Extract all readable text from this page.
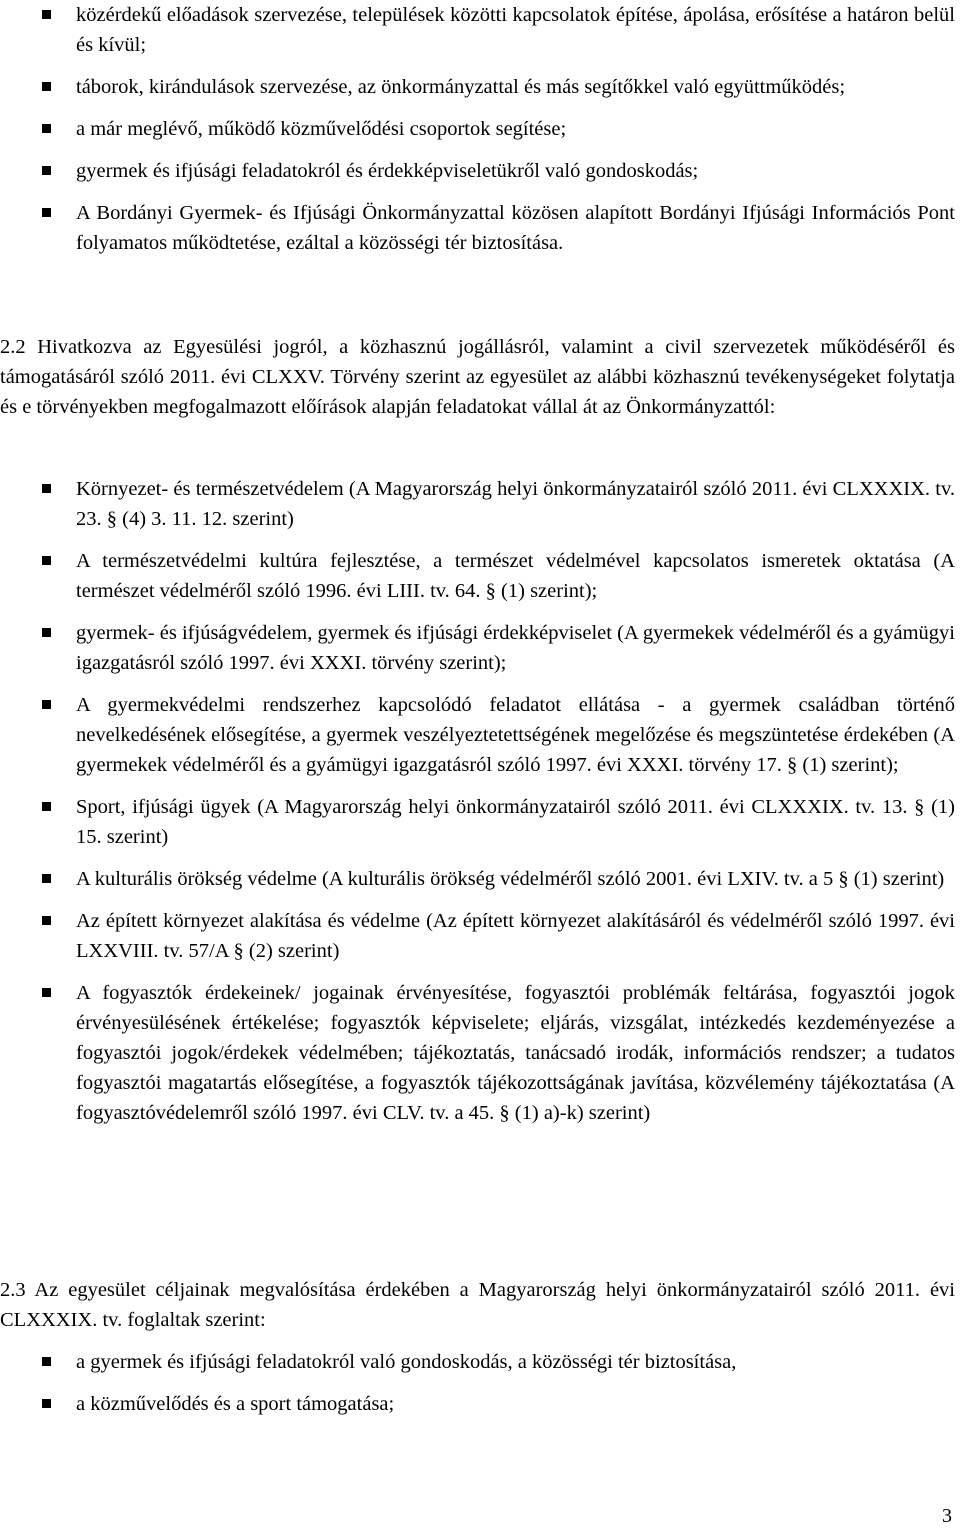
közérdekű előadások szervezése, települések közötti kapcsolatok építése, ápolása, erősítése a határon belül és kívül;
táborok, kirándulások szervezése, az önkormányzattal és más segítőkkel való együttműködés;
a már meglévő, működő közművelődési csoportok segítése;
gyermek és ifjúsági feladatokról és érdekképviseletükről való gondoskodás;
A Bordányi Gyermek- és Ifjúsági Önkormányzattal közösen alapított Bordányi Ifjúsági Információs Pont folyamatos működtetése, ezáltal a közösségi tér biztosítása.

2.2 Hivatkozva az Egyesülési jogról, a közhasznú jogállásról, valamint a civil szervezetek működéséről és támogatásáról szóló 2011. évi CLXXV. Törvény szerint az egyesület az alábbi közhasznú tevékenységeket folytatja és e törvényekben megfogalmazott előírások alapján feladatokat vállal át az Önkormányzattól:

Környezet- és természetvédelem (A Magyarország helyi önkormányzatairól szóló 2011. évi CLXXXIX. tv. 23. § (4) 3. 11. 12. szerint)
A természetvédelmi kultúra fejlesztése, a természet védelmével kapcsolatos ismeretek oktatása (A természet védelméről szóló 1996. évi LIII. tv. 64. § (1) szerint);
gyermek- és ifjúságvédelem, gyermek és ifjúsági érdekképviselet (A gyermekek védelméről és a gyámügyi igazgatásról szóló 1997. évi XXXI. törvény szerint);
A gyermekvédelmi rendszerhez kapcsolódó feladatot ellátása - a gyermek családban történő nevelkedésének elősegítése, a gyermek veszélyeztetettségének megelőzése és megszüntetése érdekében (A gyermekek védelméről és a gyámügyi igazgatásról szóló 1997. évi XXXI. törvény 17. § (1) szerint);
Sport, ifjúsági ügyek (A Magyarország helyi önkormányzatairól szóló 2011. évi CLXXXIX. tv. 13. § (1) 15. szerint)
A kulturális örökség védelme (A kulturális örökség védelméről szóló 2001. évi LXIV. tv. a 5 § (1) szerint)
Az épített környezet alakítása és védelme (Az épített környezet alakításáról és védelméről szóló 1997. évi LXXVIII. tv. 57/A § (2) szerint)
A fogyasztók érdekeinek/ jogainak érvényesítése, fogyasztói problémák feltárása, fogyasztói jogok érvényesülésének értékelése; fogyasztók képviselete; eljárás, vizsgálat, intézkedés kezdeményezése a fogyasztói jogok/érdekek védelmében; tájékoztatás, tanácsadó irodák, információs rendszer; a tudatos fogyasztói magatartás elősegítése, a fogyasztók tájékozottságának javítása, közvélemény tájékoztatása (A fogyasztóvédelemről szóló 1997. évi CLV. tv. a 45. § (1) a)-k) szerint)

2.3 Az egyesület céljainak megvalósítása érdekében a Magyarország helyi önkormányzatairól szóló 2011. évi CLXXXIX. tv. foglaltak szerint:

a gyermek és ifjúsági feladatokról való gondoskodás, a közösségi tér biztosítása,
a közművelődés és a sport támogatása;
3
